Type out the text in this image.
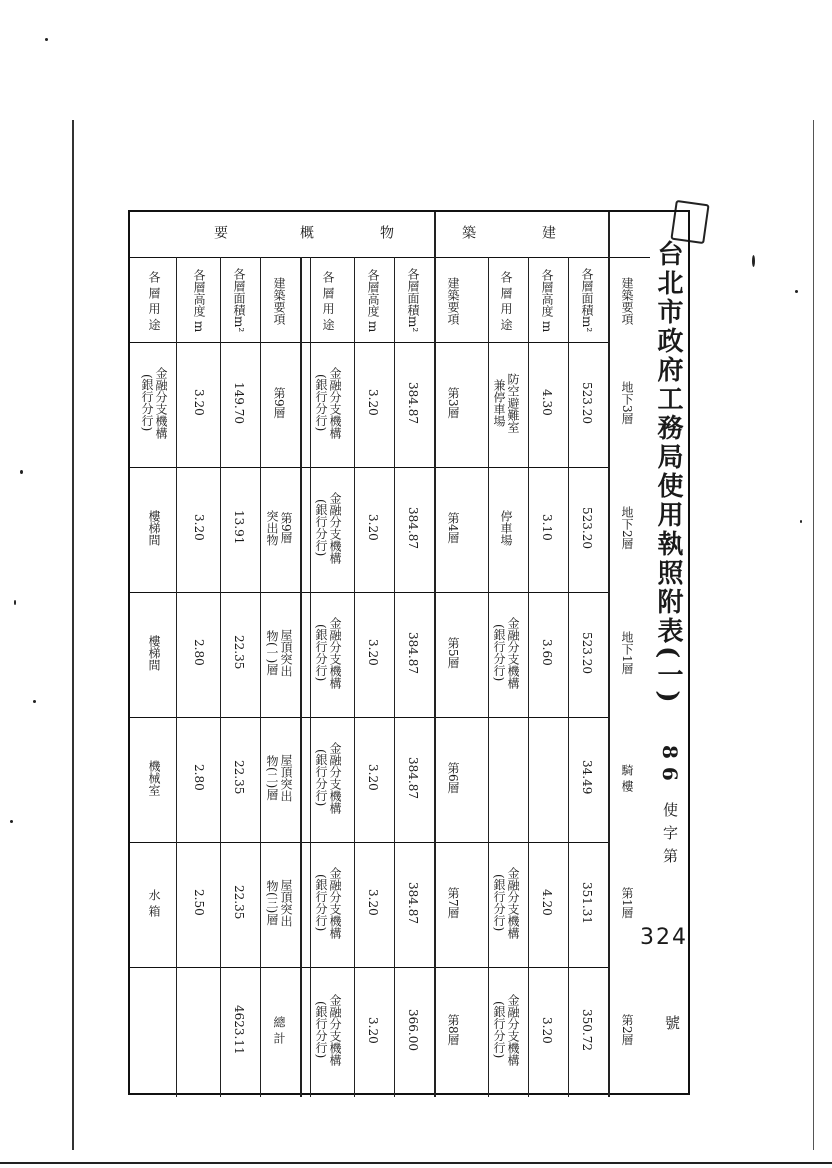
台北市政府工務局使用執照附表(一)
86 使字第
324
號
建
築
物
概
要
建築要項
各層面積m²
各層高度 m
各 層 用 途
地下3層
523.20
4.30
防空避難室
兼停車場
地下2層
523.20
3.10
停車場
地下1層
523.20
3.60
金融分支機構
(銀行分行)
騎 樓
34.49
第1層
351.31
4.20
金融分支機構
(銀行分行)
第2層
350.72
3.20
金融分支機構
(銀行分行)
建築要項
各層面積m²
各層高度 m
各 層 用 途
第3層
384.87
3.20
金融分支機構
(銀行分行)
第4層
384.87
3.20
金融分支機構
(銀行分行)
第5層
384.87
3.20
金融分支機構
(銀行分行)
第6層
384.87
3.20
金融分支機構
(銀行分行)
第7層
384.87
3.20
金融分支機構
(銀行分行)
第8層
366.00
3.20
金融分支機構
(銀行分行)
建築要項
各層面積m²
各層高度 m
各 層 用 途
第9層
149.70
3.20
金融分支機構
(銀行分行)
第9層
突出物
13.91
3.20
樓梯間
屋頂突出
物(一)層
22.35
2.80
樓梯間
屋頂突出
物(二)層
22.35
2.80
機械室
屋頂突出
物(三)層
22.35
2.50
水 箱
總 計
4623.11
